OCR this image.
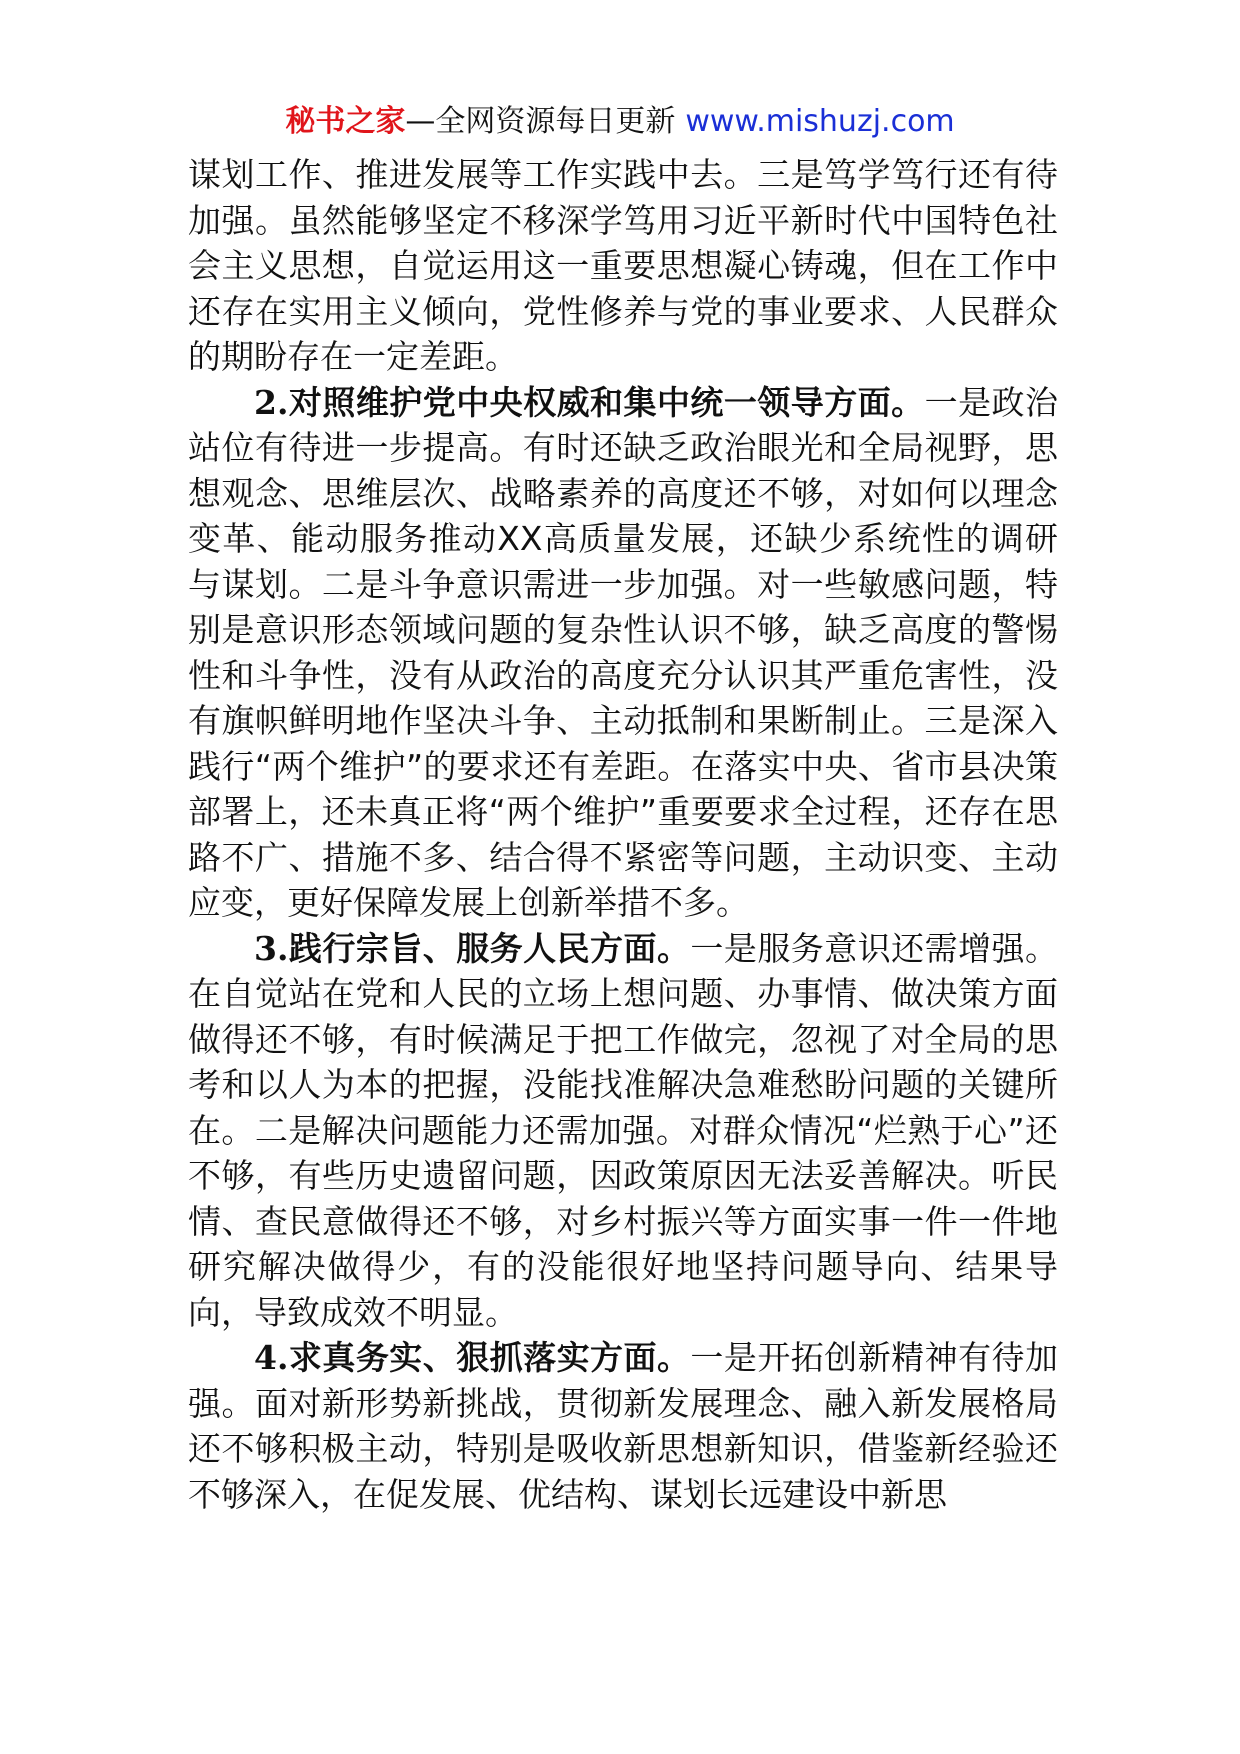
秘书之家—全网资源每日更新 www.mishuzj.com

谋划工作、推进发展等工作实践中去。三是笃学笃行还有待加强。虽然能够坚定不移深学笃用习近平新时代中国特色社会主义思想，自觉运用这一重要思想凝心铸魂，但在工作中还存在实用主义倾向，党性修养与党的事业要求、人民群众的期盼存在一定差距。

2.对照维护党中央权威和集中统一领导方面。一是政治站位有待进一步提高。有时还缺乏政治眼光和全局视野，思想观念、思维层次、战略素养的高度还不够，对如何以理念变革、能动服务推动XX高质量发展，还缺少系统性的调研与谋划。二是斗争意识需进一步加强。对一些敏感问题，特别是意识形态领域问题的复杂性认识不够，缺乏高度的警惕性和斗争性，没有从政治的高度充分认识其严重危害性，没有旗帜鲜明地作坚决斗争、主动抵制和果断制止。三是深入践行“两个维护”的要求还有差距。在落实中央、省市县决策部署上，还未真正将“两个维护”重要要求全过程，还存在思路不广、措施不多、结合得不紧密等问题，主动识变、主动应变，更好保障发展上创新举措不多。

3.践行宗旨、服务人民方面。一是服务意识还需增强。在自觉站在党和人民的立场上想问题、办事情、做决策方面做得还不够，有时候满足于把工作做完，忽视了对全局的思考和以人为本的把握，没能找准解决急难愁盼问题的关键所在。二是解决问题能力还需加强。对群众情况“烂熟于心”还不够，有些历史遗留问题，因政策原因无法妥善解决。听民情、查民意做得还不够，对乡村振兴等方面实事一件一件地研究解决做得少，有的没能很好地坚持问题导向、结果导向，导致成效不明显。

4.求真务实、狠抓落实方面。一是开拓创新精神有待加强。面对新形势新挑战，贯彻新发展理念、融入新发展格局还不够积极主动，特别是吸收新思想新知识，借鉴新经验还不够深入，在促发展、优结构、谋划长远建设中新思
